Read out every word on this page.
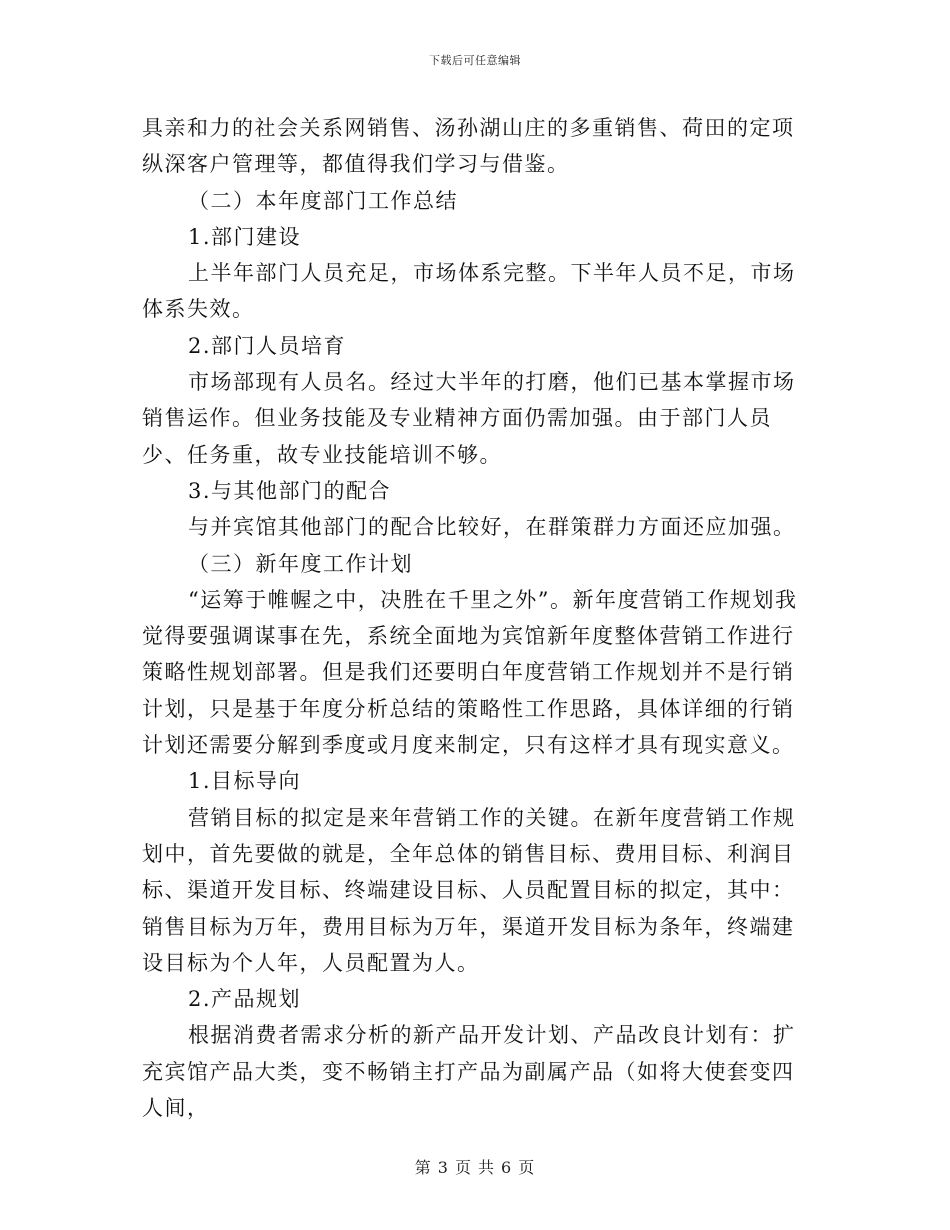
下载后可任意编辑

具亲和力的社会关系网销售、汤孙湖山庄的多重销售、荷田的定项纵深客户管理等，都值得我们学习与借鉴。

（二）本年度部门工作总结

1.部门建设

上半年部门人员充足，市场体系完整。下半年人员不足，市场体系失效。

2.部门人员培育

市场部现有人员名。经过大半年的打磨，他们已基本掌握市场销售运作。但业务技能及专业精神方面仍需加强。由于部门人员少、任务重，故专业技能培训不够。

3.与其他部门的配合

与并宾馆其他部门的配合比较好，在群策群力方面还应加强。

（三）新年度工作计划

“运筹于帷幄之中，决胜在千里之外”。新年度营销工作规划我觉得要强调谋事在先，系统全面地为宾馆新年度整体营销工作进行策略性规划部署。但是我们还要明白年度营销工作规划并不是行销计划，只是基于年度分析总结的策略性工作思路，具体详细的行销计划还需要分解到季度或月度来制定，只有这样才具有现实意义。

1.目标导向

营销目标的拟定是来年营销工作的关键。在新年度营销工作规划中，首先要做的就是，全年总体的销售目标、费用目标、利润目标、渠道开发目标、终端建设目标、人员配置目标的拟定，其中：销售目标为万年，费用目标为万年，渠道开发目标为条年，终端建设目标为个人年，人员配置为人。

2.产品规划

根据消费者需求分析的新产品开发计划、产品改良计划有：扩充宾馆产品大类，变不畅销主打产品为副属产品（如将大使套变四人间，

第 3 页 共 6 页
